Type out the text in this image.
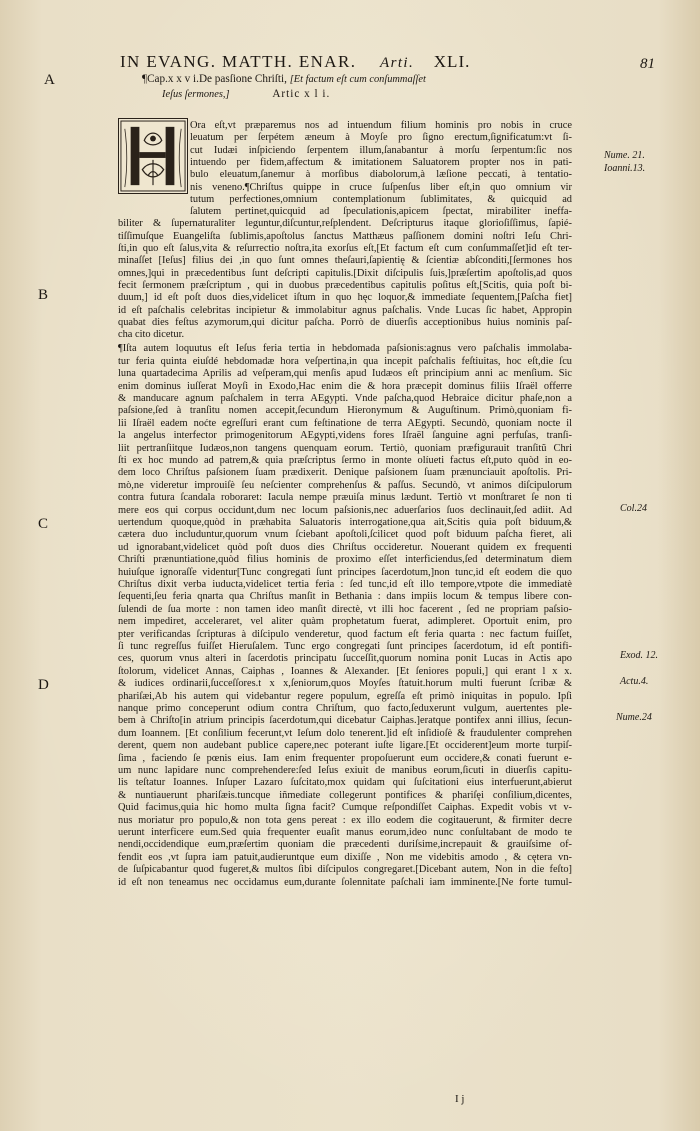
IN EVANG. MATTH. ENAR. Arti. XLI.	81
A
B
C
D
¶Cap.x x v i.De pasſione Chriſti, [Et factum eſt cum conſummaſſet
Ieſus ſermones,]	Artic x l i.
Nume. 21.
Ioanni.13.
Col.24
Exod. 12.
Actu.4.
Nume.24
Ora eſt,vt præparemus nos ad intuendum filium hominis pro nobis in cruce
leuatum per ſerpétem æneum à Moyſe pro ſigno erectum,ſignificatum:vt ſi-
cut Iudæi inſpiciendo ſerpentem illum,ſanabantur à morſu ſerpentum:ſic nos
intuendo per fidem,affectum & imitationem Saluatorem propter nos in pati-
bulo eleuatum,ſanemur à morſibus diabolorum,à læſione peccati, à tentatio-
nis veneno.¶Chriſtus quippe in cruce ſuſpenſus liber eſt,in quo omnium vir
tutum perfectiones,omnium contemplationum ſublimitates, & quicquid ad
ſalutem pertinet,quicquid ad ſpeculationis,apicem ſpectat, mirabiliter ineffa-
biliter & ſupernaturaliter leguntur,diſcuntur,reſplendent. Deſcripturus itaque glorioſiſſimus, ſapié-
tiſſimuſque Euangeliſta ſublimis,apoſtolus ſanctus Matthæus paſſionem domini noſtri Ieſu Chri-
ſti,in quo eſt ſalus,vita & reſurrectio noſtra,ita exorſus eſt,[Et factum eſt cum conſummaſſet]id eſt ter-
minaſſet [Ieſus] filius dei ,in quo ſunt omnes theſauri,ſapientię & ſcientiæ abſconditi,[ſermones hos
omnes,]qui in præcedentibus ſunt deſcripti capitulis.[Dixit diſcipulis ſuis,]præſertim apoſtolis,ad quos
fecit ſermonem præſcriptum , qui in duobus præcedentibus capitulis poſitus eſt,[Scitis, quia poſt bi-
duum,] id eſt poſt duos dies,videlicet iſtum in quo hęc loquor,& immediate ſequentem,[Paſcha fiet]
id eſt paſchalis celebritas incipietur & immolabitur agnus paſchalis. Vnde Lucas ſic habet, Appropin
quabat dies feſtus azymorum,qui dicitur paſcha. Porrò de diuerſis acceptionibus huius nominis paſ-
cha cito dicetur.
¶Iſta autem loquutus eſt Ieſus feria tertia in hebdomada paſsionis:agnus vero paſchalis immolaba-
tur feria quinta eiuſdé hebdomadæ hora veſpertina,in qua incepit paſchalis feſtiuitas, hoc eſt,die ſcu
luna quartadecima Aprilis ad veſperam,qui menſis apud Iudæos eſt principium anni ac menſium. Sic
enim dominus iuſſerat Moyſi in Exodo,Hac enim die & hora præcepit dominus filiis Iſraël offerre
& manducare agnum paſchalem in terra AEgypti. Vnde paſcha,quod Hebraice dicitur phaſe,non a
paſsione,ſed à tranſitu nomen accepit,ſecundum Hieronymum & Auguſtinum. Primò,quoniam fi-
lii Iſraël eadem noćte egreſſuri erant cum feſtinatione de terra AEgypti. Secundò, quoniam nocte il
la angelus interfector primogenitorum AEgypti,videns fores Iſraël ſanguine agni perfuſas, tranſi-
liit pertranſiitque Iudæos,non tangens quenquam eorum. Tertiò, quoniam præfigurauit tranſitũ Chri
ſti ex hoc mundo ad patrem,& quia præſcriptus ſermo in monte olíueti factus eſt,puto quòd in eo-
dem loco Chriſtus paſsionem ſuam prædixerit. Denique paſsionem ſuam prænunciauit apoſtolis. Pri-
mò,ne videretur improuiſè ſeu neſcienter comprehenſus & paſſus. Secundò, vt animos diſcipulorum
contra futura ſcandala roboraret: Iacula nempe præuiſa minus lædunt. Tertiò vt monſtraret ſe non ti
mere eos qui corpus occidunt,dum nec locum paſsionis,nec aduerſarios ſuos declinauit,ſed adiit. Ad
uertendum quoque,quòd in præhabita Saluatoris interrogatione,qua ait,Scitis quia poſt biduum,&
cætera duo includuntur,quorum vnum ſciebant apoſtoli,ſcilicet quod poſt biduum paſcha fieret, ali
ud ignorabant,videlicet quòd poſt duos dies Chriſtus occideretur. Nouerant quidem ex frequenti
Chriſti prænuntiatione,quòd filius hominis de proximo eſſet interficiendus,ſed determinatum diem
huiuſque ignoraſſe videntur[Tunc congregati ſunt principes ſacerdotum,]non tunc,id eſt eodem die quo
Chriſtus dixit verba iuducta,videlicet tertia feria : ſed tunc,id eſt illo tempore,vtpote die immediatè
ſequenti,ſeu feria qnarta qua Chriſtus manſit in Bethania : dans impiis locum & tempus libere con-
ſulendi de ſua morte : non tamen ideo manſit directè, vt illi hoc facerent , ſed ne propriam paſsio-
nem impediret, acceleraret, vel aliter quàm prophetatum fuerat, adimpleret. Oportuit enim, pro
pter verificandas ſcripturas à diſcipulo venderetur, quod factum eſt feria quarta : nec factum fuiſſet,
ſi tunc regreſſus fuiſſet Hieruſalem. Tunc ergo congregati ſunt principes ſacerdotum, id eſt pontifi-
ces, quorum vnus alteri in ſacerdotis principatu ſucceſſit,quorum nomina ponit Lucas in Actis apo
ſtolorum, videlicet Annas, Caiphas , Ioannes & Alexander. [Et ſeniores populi,] qui erant l x x.
& iudices ordinarii,ſucceſſores.t x x,ſeniorum,quos Moyſes ſtatuit.horum multi fuerunt ſcribæ &
phariſæi,Ab his autem qui videbantur regere populum, egreſſa eſt primò iniquitas in populo. Ipſi
nanque primo conceperunt odium contra Chriſtum, quo facto,ſeduxerunt vulgum, auertentes ple-
bem à Chriſto[in atrium principis ſacerdotum,qui dicebatur Caiphas.]eratque pontifex anni illius, ſecun-
dum Ioannem. [Et conſilium fecerunt,vt Ieſum dolo tenerent.]id eſt inſidioſè & fraudulenter comprehen
derent, quem non audebant publice capere,nec poterant iuſte ligare.[Et occiderent]eum morte turpiſ-
ſima , faciendo ſe pœnis eius. Iam enim frequenter propoſuerunt eum occidere,& conati fuerunt e-
um nunc lapidare nunc comprehendere:ſed Ieſus exiuit de manibus eorum,ſicuti in diuerſis capitu-
lis teſtatur Ioannes. Inſuper Lazaro ſuſcitato,mox quidam qui ſuſcitationi eius interfuerunt,abierut
& nuntiauerunt phariſæis.tuncque iñmediate collegerunt pontifices & phariſęi conſilium,dicentes,
Quid facimus,quia hic homo multa ſigna facit? Cumque reſpondiſſet Caiphas. Expedit vobis vt v-
nus moriatur pro populo,& non tota gens pereat : ex illo eodem die cogitauerunt, & firmiter decre
uerunt interficere eum.Sed quia frequenter euaſit manus eorum,ideo nunc conſultabant de modo te
nendi,occidendique eum,præſertim quoniam die præcedenti duriſsime,increpauit & grauiſsime of-
fendit eos ,vt ſupra iam patuit,audieruntque eum dixiſſe , Non me videbitis amodo , & cętera vn-
de ſuſpicabantur quod fugeret,& multos ſibi diſcipulos congregaret.[Dicebant autem, Non in die feſto]
id eſt non teneamus nec occidamus eum,durante ſolennitate paſchali iam imminente.[Ne forte tumul-
I j
